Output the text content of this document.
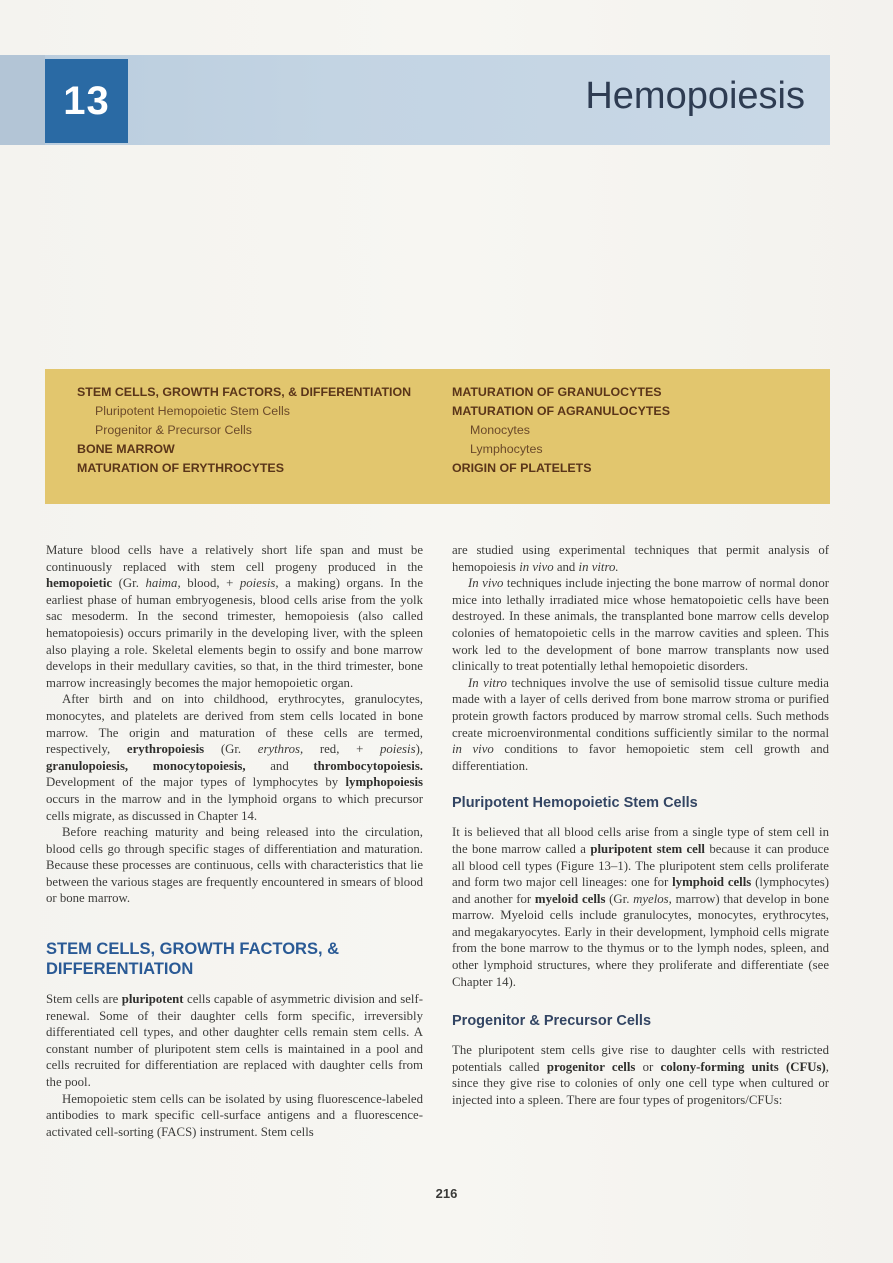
13	Hemopoiesis
STEM CELLS, GROWTH FACTORS, & DIFFERENTIATION
Pluripotent Hemopoietic Stem Cells
Progenitor & Precursor Cells
BONE MARROW
MATURATION OF ERYTHROCYTES
MATURATION OF GRANULOCYTES
MATURATION OF AGRANULOCYTES
Monocytes
Lymphocytes
ORIGIN OF PLATELETS

Mature blood cells have a relatively short life span and must be continuously replaced with stem cell progeny produced in the hemopoietic (Gr. haima, blood, + poiesis, a making) organs. In the earliest phase of human embryogenesis, blood cells arise from the yolk sac mesoderm. In the second trimester, hemopoiesis (also called hematopoiesis) occurs primarily in the developing liver, with the spleen also playing a role. Skeletal elements begin to ossify and bone marrow develops in their medullary cavities, so that, in the third trimester, bone marrow increasingly becomes the major hemopoietic organ.

After birth and on into childhood, erythrocytes, granulocytes, monocytes, and platelets are derived from stem cells located in bone marrow. The origin and maturation of these cells are termed, respectively, erythropoiesis (Gr. erythros, red, + poiesis), granulopoiesis, monocytopoiesis, and thrombocytopoiesis. Development of the major types of lymphocytes by lymphopoiesis occurs in the marrow and in the lymphoid organs to which precursor cells migrate, as discussed in Chapter 14.

Before reaching maturity and being released into the circulation, blood cells go through specific stages of differentiation and maturation. Because these processes are continuous, cells with characteristics that lie between the various stages are frequently encountered in smears of blood or bone marrow.

STEM CELLS, GROWTH FACTORS, & DIFFERENTIATION

Stem cells are pluripotent cells capable of asymmetric division and self-renewal. Some of their daughter cells form specific, irreversibly differentiated cell types, and other daughter cells remain stem cells. A constant number of pluripotent stem cells is maintained in a pool and cells recruited for differentiation are replaced with daughter cells from the pool.

Hemopoietic stem cells can be isolated by using fluorescence-labeled antibodies to mark specific cell-surface antigens and a fluorescence-activated cell-sorting (FACS) instrument. Stem cells

are studied using experimental techniques that permit analysis of hemopoiesis in vivo and in vitro.

In vivo techniques include injecting the bone marrow of normal donor mice into lethally irradiated mice whose hematopoietic cells have been destroyed. In these animals, the transplanted bone marrow cells develop colonies of hematopoietic cells in the marrow cavities and spleen. This work led to the development of bone marrow transplants now used clinically to treat potentially lethal hemopoietic disorders.

In vitro techniques involve the use of semisolid tissue culture media made with a layer of cells derived from bone marrow stroma or purified protein growth factors produced by marrow stromal cells. Such methods create microenvironmental conditions sufficiently similar to the normal in vivo conditions to favor hemopoietic stem cell growth and differentiation.

Pluripotent Hemopoietic Stem Cells

It is believed that all blood cells arise from a single type of stem cell in the bone marrow called a pluripotent stem cell because it can produce all blood cell types (Figure 13–1). The pluripotent stem cells proliferate and form two major cell lineages: one for lymphoid cells (lymphocytes) and another for myeloid cells (Gr. myelos, marrow) that develop in bone marrow. Myeloid cells include granulocytes, monocytes, erythrocytes, and megakaryocytes. Early in their development, lymphoid cells migrate from the bone marrow to the thymus or to the lymph nodes, spleen, and other lymphoid structures, where they proliferate and differentiate (see Chapter 14).

Progenitor & Precursor Cells

The pluripotent stem cells give rise to daughter cells with restricted potentials called progenitor cells or colony-forming units (CFUs), since they give rise to colonies of only one cell type when cultured or injected into a spleen. There are four types of progenitors/CFUs:

216
